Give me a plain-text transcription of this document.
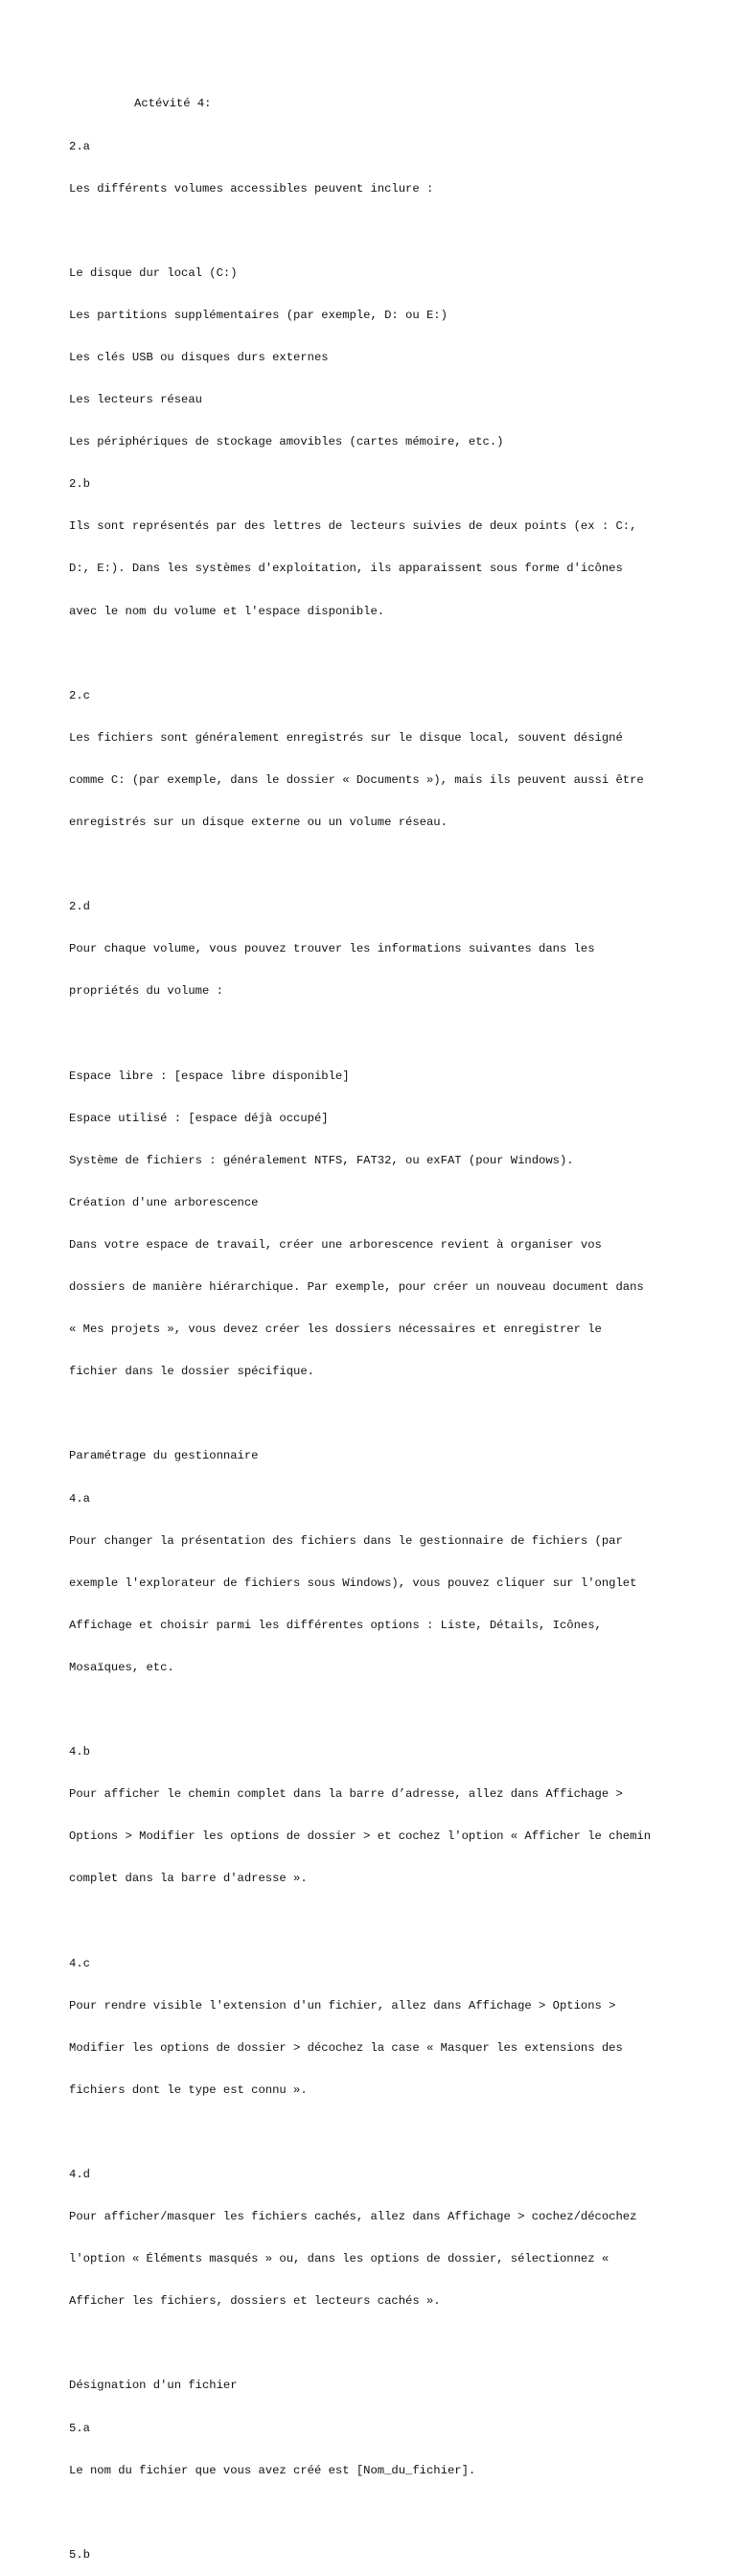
Actévité 4:

2.a

Les différents volumes accessibles peuvent inclure :

Le disque dur local (C:)

Les partitions supplémentaires (par exemple, D: ou E:)

Les clés USB ou disques durs externes

Les lecteurs réseau

Les périphériques de stockage amovibles (cartes mémoire, etc.)

2.b

Ils sont représentés par des lettres de lecteurs suivies de deux points (ex : C:,

D:, E:). Dans les systèmes d'exploitation, ils apparaissent sous forme d'icônes

avec le nom du volume et l'espace disponible.

2.c

Les fichiers sont généralement enregistrés sur le disque local, souvent désigné

comme C: (par exemple, dans le dossier « Documents »), mais ils peuvent aussi être

enregistrés sur un disque externe ou un volume réseau.

2.d

Pour chaque volume, vous pouvez trouver les informations suivantes dans les

propriétés du volume :

Espace libre : [espace libre disponible]

Espace utilisé : [espace déjà occupé]

Système de fichiers : généralement NTFS, FAT32, ou exFAT (pour Windows).

Création d'une arborescence

Dans votre espace de travail, créer une arborescence revient à organiser vos

dossiers de manière hiérarchique. Par exemple, pour créer un nouveau document dans

« Mes projets », vous devez créer les dossiers nécessaires et enregistrer le

fichier dans le dossier spécifique.

Paramétrage du gestionnaire

4.a

Pour changer la présentation des fichiers dans le gestionnaire de fichiers (par

exemple l'explorateur de fichiers sous Windows), vous pouvez cliquer sur l'onglet

Affichage et choisir parmi les différentes options : Liste, Détails, Icônes,

Mosaïques, etc.

4.b

Pour afficher le chemin complet dans la barre d’adresse, allez dans Affichage >

Options > Modifier les options de dossier > et cochez l'option « Afficher le chemin

complet dans la barre d'adresse ».

4.c

Pour rendre visible l'extension d'un fichier, allez dans Affichage > Options >

Modifier les options de dossier > décochez la case « Masquer les extensions des

fichiers dont le type est connu ».

4.d

Pour afficher/masquer les fichiers cachés, allez dans Affichage > cochez/décochez

l'option « Éléments masqués » ou, dans les options de dossier, sélectionnez «

Afficher les fichiers, dossiers et lecteurs cachés ».

Désignation d'un fichier

5.a

Le nom du fichier que vous avez créé est [Nom_du_fichier].

5.b
